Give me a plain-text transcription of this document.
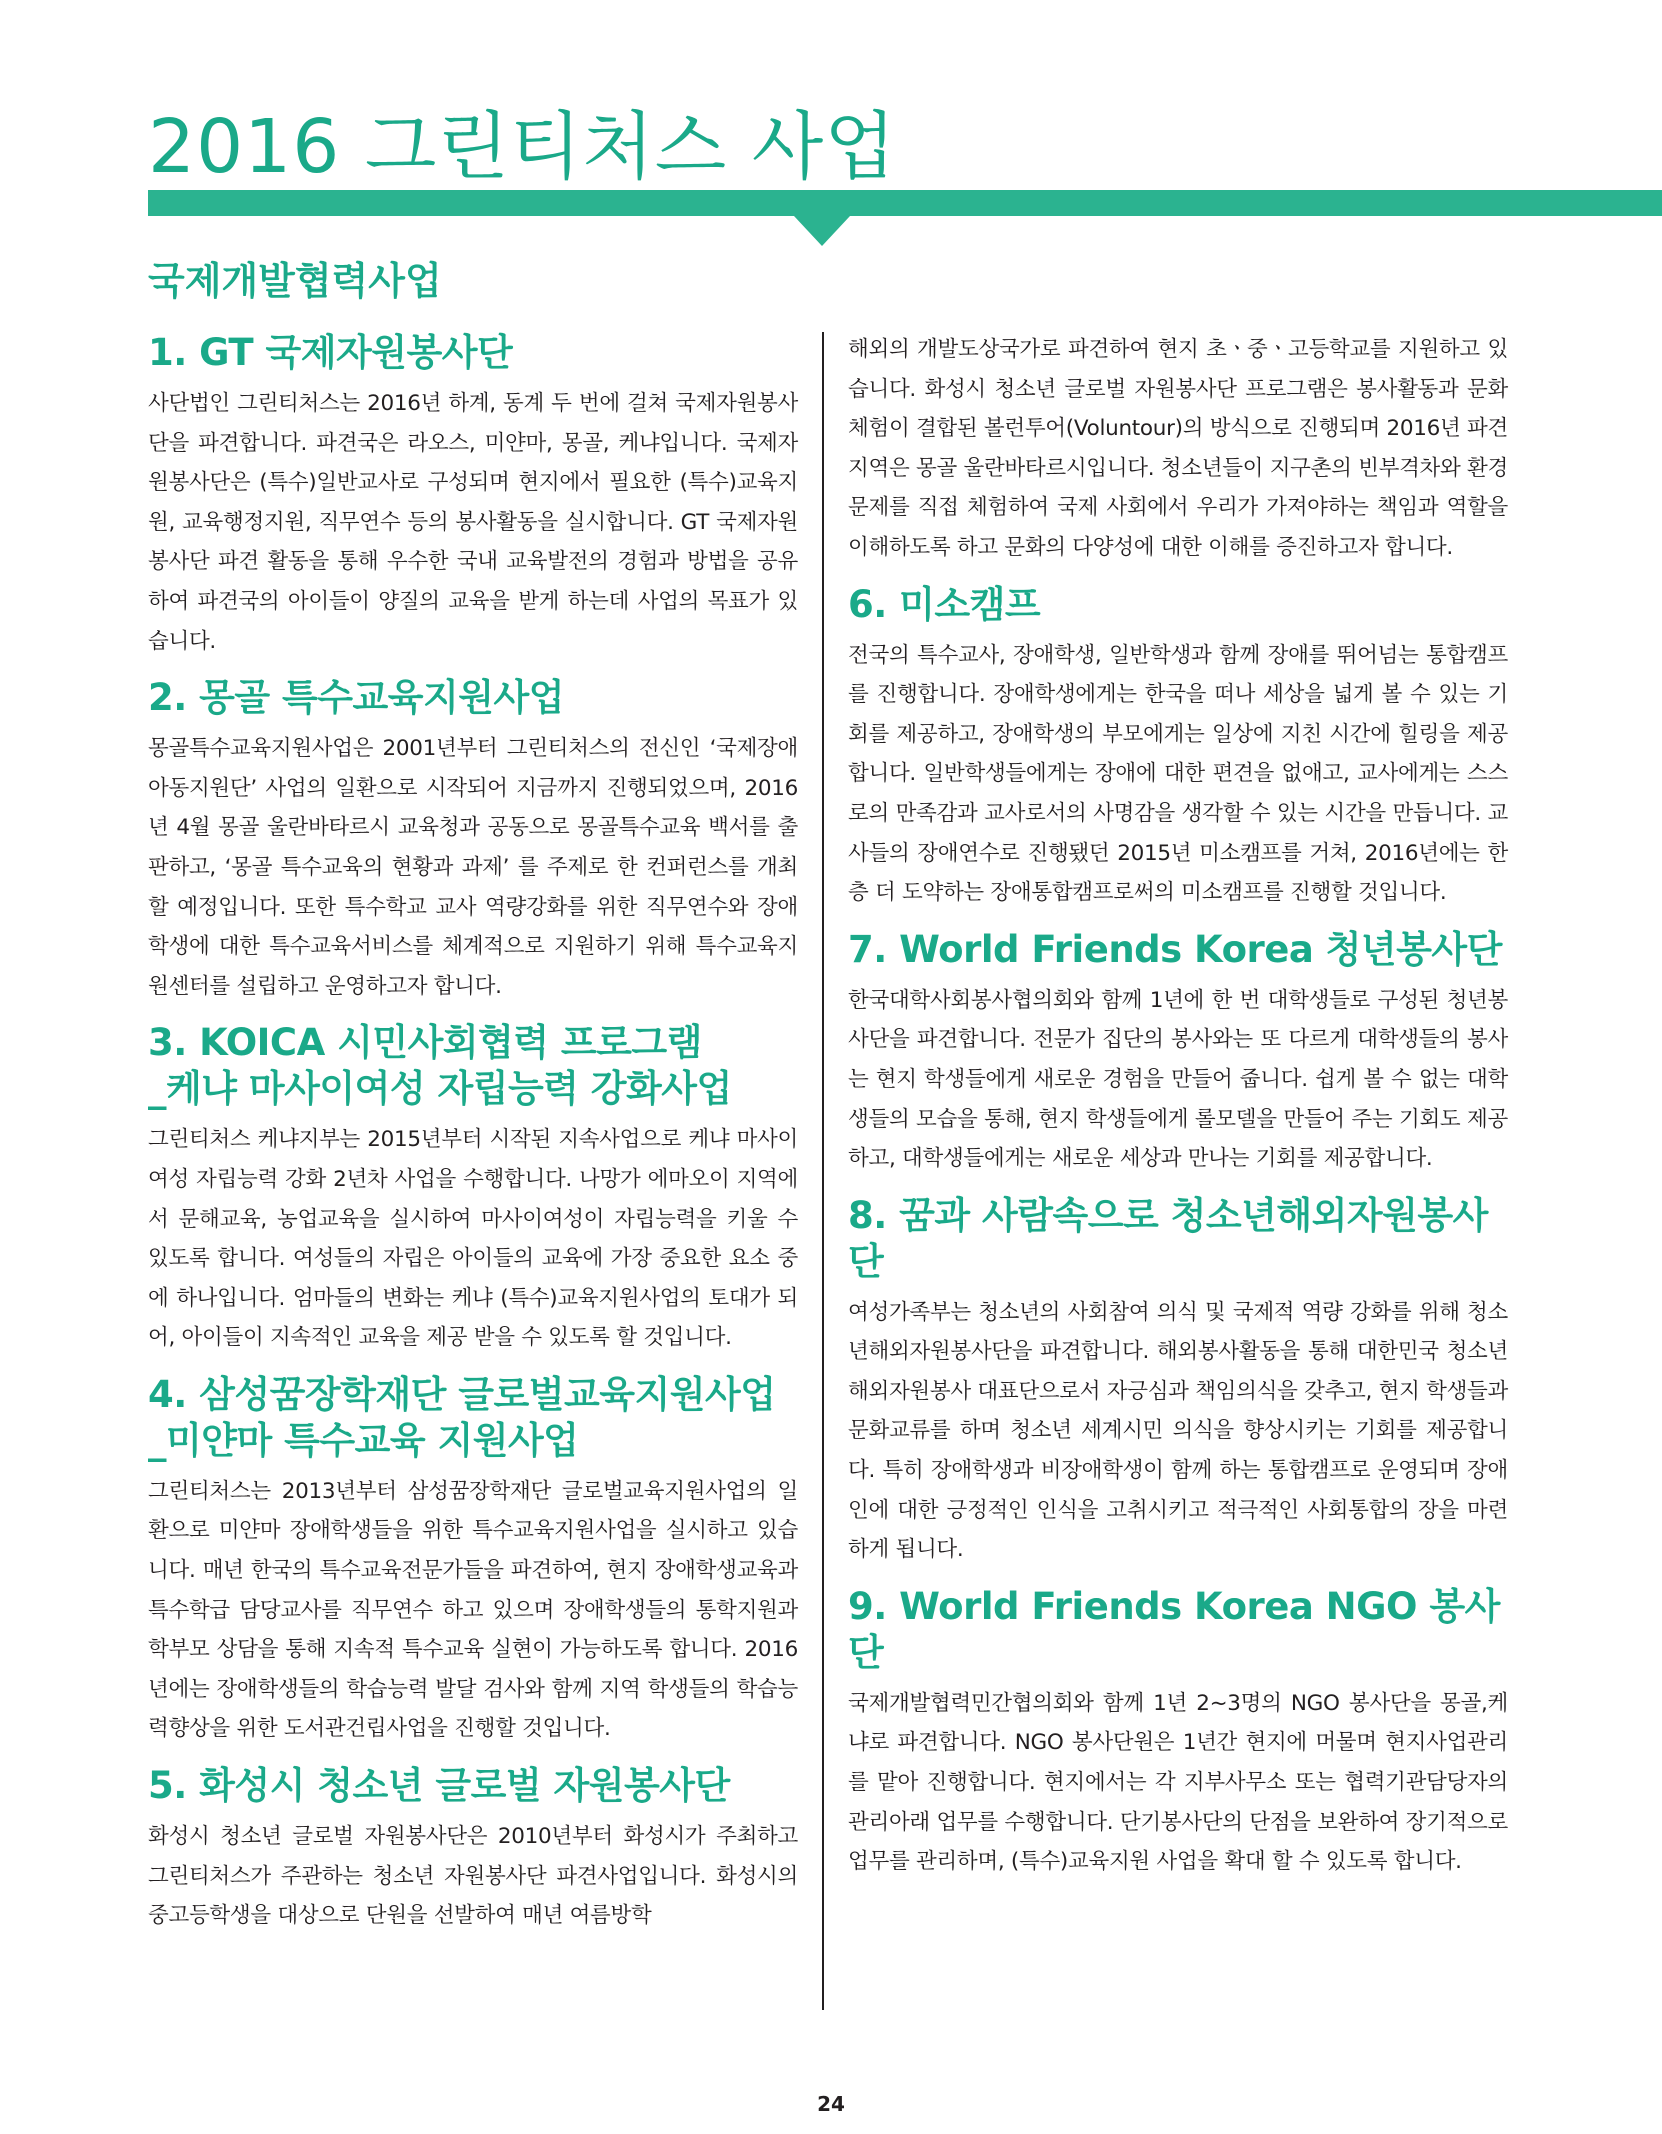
2016 그린티처스 사업
국제개발협력사업
1. GT 국제자원봉사단

사단법인 그린티처스는 2016년 하계, 동계 두 번에 걸쳐 국제자원봉사단을 파견합니다. 파견국은 라오스, 미얀마, 몽골, 케냐입니다. 국제자원봉사단은 (특수)일반교사로 구성되며 현지에서 필요한 (특수)교육지원, 교육행정지원, 직무연수 등의 봉사활동을 실시합니다. GT 국제자원봉사단 파견 활동을 통해 우수한 국내 교육발전의 경험과 방법을 공유하여 파견국의 아이들이 양질의 교육을 받게 하는데 사업의 목표가 있습니다.

2. 몽골 특수교육지원사업

몽골특수교육지원사업은 2001년부터 그린티처스의 전신인 ‘국제장애아동지원단’ 사업의 일환으로 시작되어 지금까지 진행되었으며, 2016년 4월 몽골 울란바타르시 교육청과 공동으로 몽골특수교육 백서를 출판하고, ‘몽골 특수교육의 현황과 과제’ 를 주제로 한 컨퍼런스를 개최할 예정입니다. 또한 특수학교 교사 역량강화를 위한 직무연수와 장애학생에 대한 특수교육서비스를 체계적으로 지원하기 위해 특수교육지원센터를 설립하고 운영하고자 합니다.

3. KOICA 시민사회협력 프로그램
_케냐 마사이여성 자립능력 강화사업

그린티처스 케냐지부는 2015년부터 시작된 지속사업으로 케냐 마사이여성 자립능력 강화 2년차 사업을 수행합니다. 나망가 에마오이 지역에서 문해교육, 농업교육을 실시하여 마사이여성이 자립능력을 키울 수 있도록 합니다. 여성들의 자립은 아이들의 교육에 가장 중요한 요소 중에 하나입니다. 엄마들의 변화는 케냐 (특수)교육지원사업의 토대가 되어, 아이들이 지속적인 교육을 제공 받을 수 있도록 할 것입니다.

4. 삼성꿈장학재단 글로벌교육지원사업
_미얀마 특수교육 지원사업

그린티처스는 2013년부터 삼성꿈장학재단 글로벌교육지원사업의 일환으로 미얀마 장애학생들을 위한 특수교육지원사업을 실시하고 있습니다. 매년 한국의 특수교육전문가들을 파견하여, 현지 장애학생교육과 특수학급 담당교사를 직무연수 하고 있으며 장애학생들의 통학지원과 학부모 상담을 통해 지속적 특수교육 실현이 가능하도록 합니다. 2016년에는 장애학생들의 학습능력 발달 검사와 함께 지역 학생들의 학습능력향상을 위한 도서관건립사업을 진행할 것입니다.

5. 화성시 청소년 글로벌 자원봉사단

화성시 청소년 글로벌 자원봉사단은 2010년부터 화성시가 주최하고 그린티처스가 주관하는 청소년 자원봉사단 파견사업입니다. 화성시의 중고등학생을 대상으로 단원을 선발하여 매년 여름방학

해외의 개발도상국가로 파견하여 현지 초ㆍ중ㆍ고등학교를 지원하고 있습니다. 화성시 청소년 글로벌 자원봉사단 프로그램은 봉사활동과 문화체험이 결합된 볼런투어(Voluntour)의 방식으로 진행되며 2016년 파견지역은 몽골 울란바타르시입니다. 청소년들이 지구촌의 빈부격차와 환경문제를 직접 체험하여 국제 사회에서 우리가 가져야하는 책임과 역할을 이해하도록 하고 문화의 다양성에 대한 이해를 증진하고자 합니다.

6. 미소캠프

전국의 특수교사, 장애학생, 일반학생과 함께 장애를 뛰어넘는 통합캠프를 진행합니다. 장애학생에게는 한국을 떠나 세상을 넓게 볼 수 있는 기회를 제공하고, 장애학생의 부모에게는 일상에 지친 시간에 힐링을 제공합니다. 일반학생들에게는 장애에 대한 편견을 없애고, 교사에게는 스스로의 만족감과 교사로서의 사명감을 생각할 수 있는 시간을 만듭니다. 교사들의 장애연수로 진행됐던 2015년 미소캠프를 거쳐, 2016년에는 한층 더 도약하는 장애통합캠프로써의 미소캠프를 진행할 것입니다.

7. World Friends Korea 청년봉사단

한국대학사회봉사협의회와 함께 1년에 한 번 대학생들로 구성된 청년봉사단을 파견합니다. 전문가 집단의 봉사와는 또 다르게 대학생들의 봉사는 현지 학생들에게 새로운 경험을 만들어 줍니다. 쉽게 볼 수 없는 대학생들의 모습을 통해, 현지 학생들에게 롤모델을 만들어 주는 기회도 제공하고, 대학생들에게는 새로운 세상과 만나는 기회를 제공합니다.

8. 꿈과 사람속으로 청소년해외자원봉사단

여성가족부는 청소년의 사회참여 의식 및 국제적 역량 강화를 위해 청소년해외자원봉사단을 파견합니다. 해외봉사활동을 통해 대한민국 청소년해외자원봉사 대표단으로서 자긍심과 책임의식을 갖추고, 현지 학생들과 문화교류를 하며 청소년 세계시민 의식을 향상시키는 기회를 제공합니다. 특히 장애학생과 비장애학생이 함께 하는 통합캠프로 운영되며 장애인에 대한 긍정적인 인식을 고취시키고 적극적인 사회통합의 장을 마련하게 됩니다.

9. World Friends Korea NGO 봉사단

국제개발협력민간협의회와 함께 1년 2~3명의 NGO 봉사단을 몽골,케냐로 파견합니다. NGO 봉사단원은 1년간 현지에 머물며 현지사업관리를 맡아 진행합니다. 현지에서는 각 지부사무소 또는 협력기관담당자의 관리아래 업무를 수행합니다. 단기봉사단의 단점을 보완하여 장기적으로 업무를 관리하며, (특수)교육지원 사업을 확대 할 수 있도록 합니다.

24
